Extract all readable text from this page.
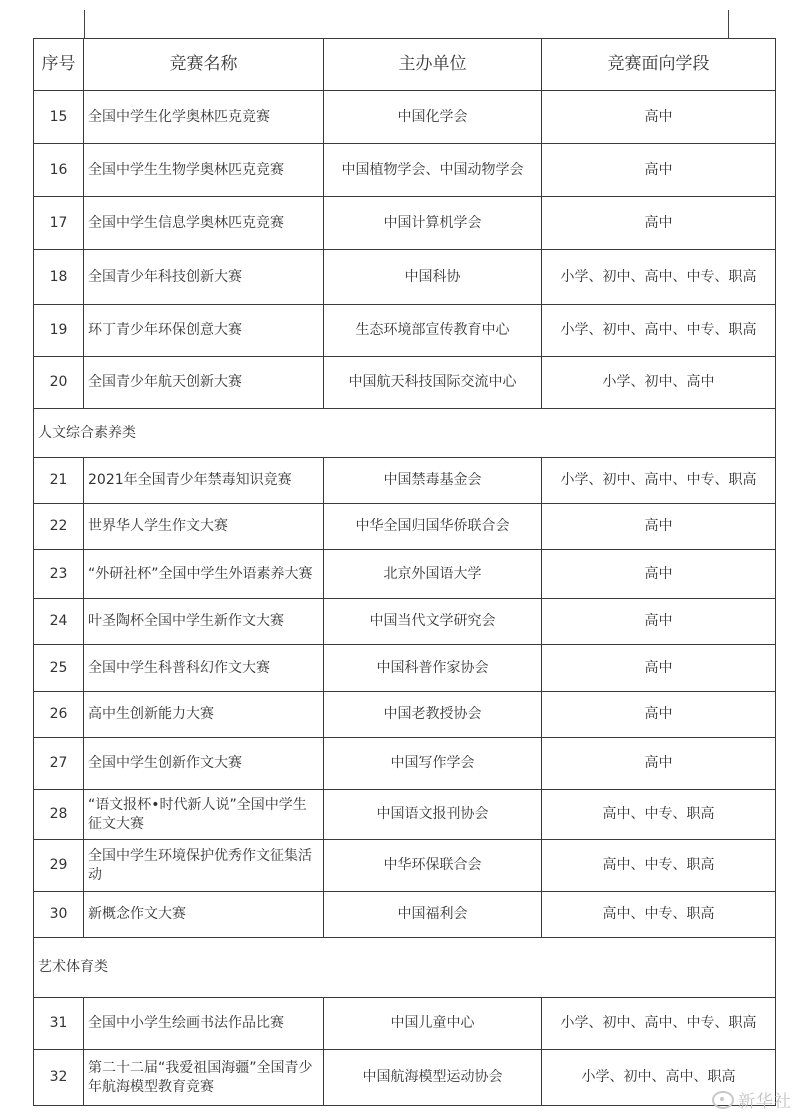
序号	竞赛名称	主办单位	竞赛面向学段
15	全国中学生化学奥林匹克竞赛	中国化学会	高中
16	全国中学生生物学奥林匹克竞赛	中国植物学会、中国动物学会	高中
17	全国中学生信息学奥林匹克竞赛	中国计算机学会	高中
18	全国青少年科技创新大赛	中国科协	小学、初中、高中、中专、职高
19	环丁青少年环保创意大赛	生态环境部宣传教育中心	小学、初中、高中、中专、职高
20	全国青少年航天创新大赛	中国航天科技国际交流中心	小学、初中、高中
人文综合素养类			
21	2021年全国青少年禁毒知识竞赛	中国禁毒基金会	小学、初中、高中、中专、职高
22	世界华人学生作文大赛	中华全国归国华侨联合会	高中
23	“外研社杯”全国中学生外语素养大赛	北京外国语大学	高中
24	叶圣陶杯全国中学生新作文大赛	中国当代文学研究会	高中
25	全国中学生科普科幻作文大赛	中国科普作家协会	高中
26	高中生创新能力大赛	中国老教授协会	高中
27	全国中学生创新作文大赛	中国写作学会	高中
28	“语文报杯•时代新人说”全国中学生征文大赛	中国语文报刊协会	高中、中专、职高
29	全国中学生环境保护优秀作文征集活动	中华环保联合会	高中、中专、职高
30	新概念作文大赛	中国福利会	高中、中专、职高
艺术体育类			
31	全国中小学生绘画书法作品比赛	中国儿童中心	小学、初中、高中、中专、职高
32	第二十二届“我爱祖国海疆”全国青少年航海模型教育竞赛	中国航海模型运动协会	小学、初中、高中、职高
新华社
